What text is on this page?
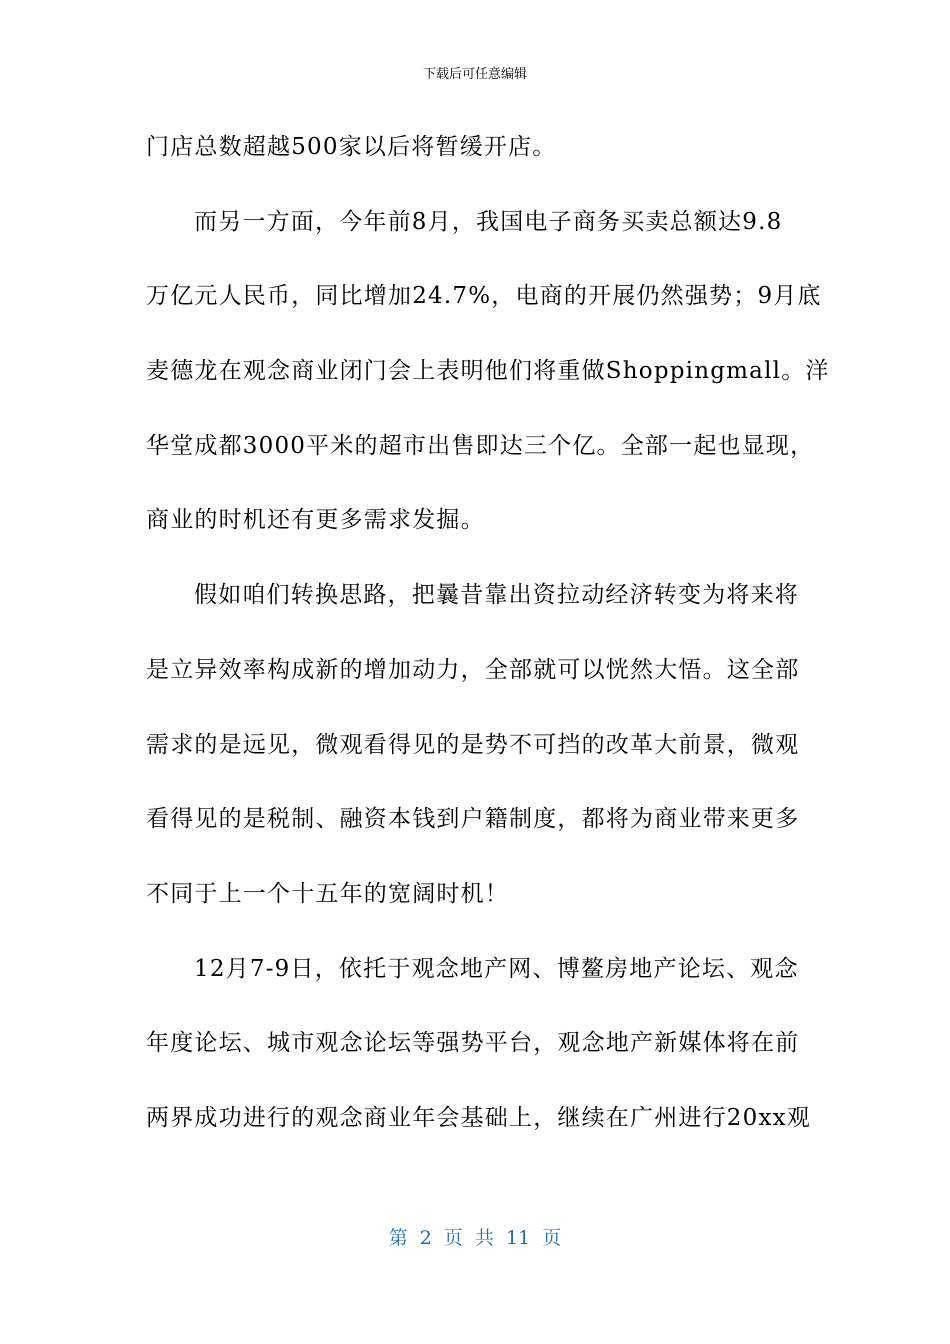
下载后可任意编辑
门店总数超越500家以后将暂缓开店。
而另一方面，今年前8月，我国电子商务买卖总额达9.8
万亿元人民币，同比增加24.7%，电商的开展仍然强势；9月底
麦德龙在观念商业闭门会上表明他们将重做Shoppingmall。洋
华堂成都3000平米的超市出售即达三个亿。全部一起也显现，
商业的时机还有更多需求发掘。
假如咱们转换思路，把曩昔靠出资拉动经济转变为将来将
是立异效率构成新的增加动力，全部就可以恍然大悟。这全部
需求的是远见，微观看得见的是势不可挡的改革大前景，微观
看得见的是税制、融资本钱到户籍制度，都将为商业带来更多
不同于上一个十五年的宽阔时机！
12月7-9日，依托于观念地产网、博鳌房地产论坛、观念
年度论坛、城市观念论坛等强势平台，观念地产新媒体将在前
两界成功进行的观念商业年会基础上，继续在广州进行20xx观
第 2 页 共 11 页
